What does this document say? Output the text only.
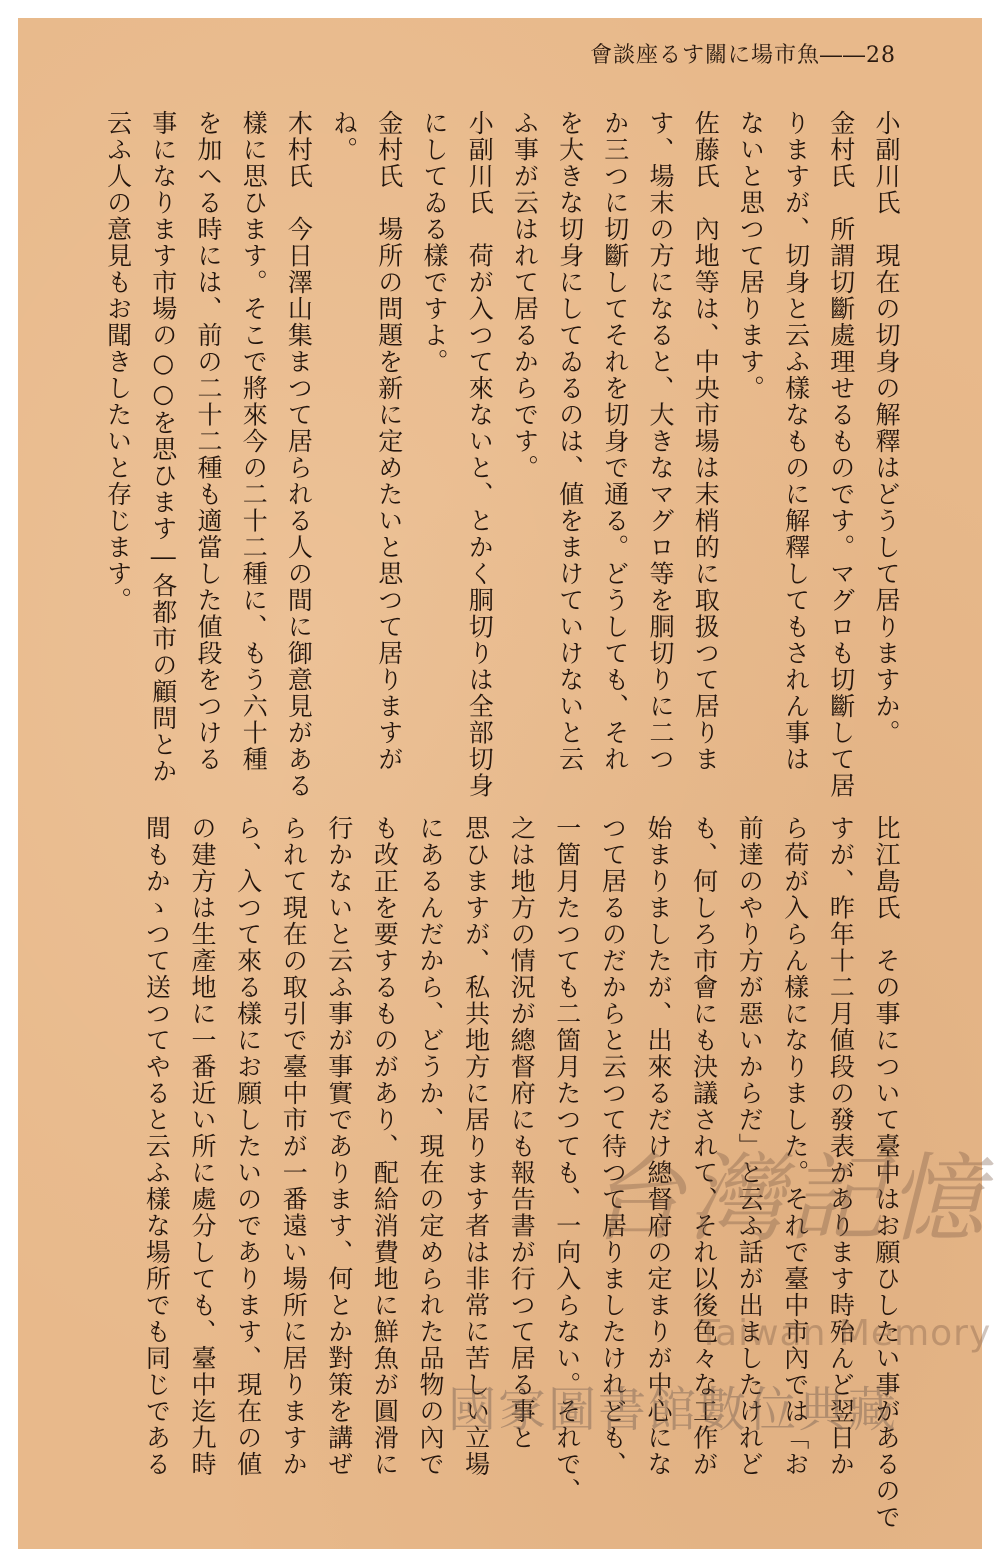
會談座るす關に場市魚――28
小副川氏　現在の切身の解釋はどうして居りますか。
金村氏　所謂切斷處理せるものです。マグロも切斷して居
りますが、切身と云ふ樣なものに解釋してもされん事は
ないと思つて居ります。
佐藤氏　內地等は、中央市場は末梢的に取扱つて居りま
す、場末の方になると、大きなマグロ等を胴切りに二つ
か三つに切斷してそれを切身で通る。どうしても、それ
を大きな切身にしてゐるのは、値をまけていけないと云
ふ事が云はれて居るからです。
小副川氏　荷が入つて來ないと、とかく胴切りは全部切身
にしてゐる樣ですよ。
金村氏　場所の問題を新に定めたいと思つて居りますが
ね。
木村氏　今日澤山集まつて居られる人の間に御意見がある
樣に思ひます。そこで將來今の二十二種に、もう六十種
を加へる時には、前の二十二種も適當した値段をつける
事になります市場の○○を思ひます―各都市の顧問とか
云ふ人の意見もお聞きしたいと存じます。
比江島氏　その事について臺中はお願ひしたい事があるので
すが、昨年十二月値段の發表があります時殆んど翌日か
ら荷が入らん樣になりました。それで臺中市內では「お
前達のやり方が惡いからだ」と云ふ話が出ましたけれど
も、何しろ市會にも決議されて、それ以後色々な工作が
始まりましたが、出來るだけ總督府の定まりが中心にな
つて居るのだからと云つて待つて居りましたけれども、
一箇月たつても二箇月たつても、一向入らない。それで、
之は地方の情況が總督府にも報告書が行つて居る事と
思ひますが、私共地方に居ります者は非常に苦しい立場
にあるんだから、どうか、現在の定められた品物の內で
も改正を要するものがあり、配給消費地に鮮魚が圓滑に
行かないと云ふ事が事實であります、何とか對策を講ぜ
られて現在の取引で臺中市が一番遠い場所に居りますか
ら、入つて來る樣にお願したいのであります、現在の値
の建方は生產地に一番近い所に處分しても、臺中迄九時
間もかゝつて送つてやると云ふ樣な場所でも同じである	台灣記憶
Taiwan Memory
國家圖書館數位典藏
